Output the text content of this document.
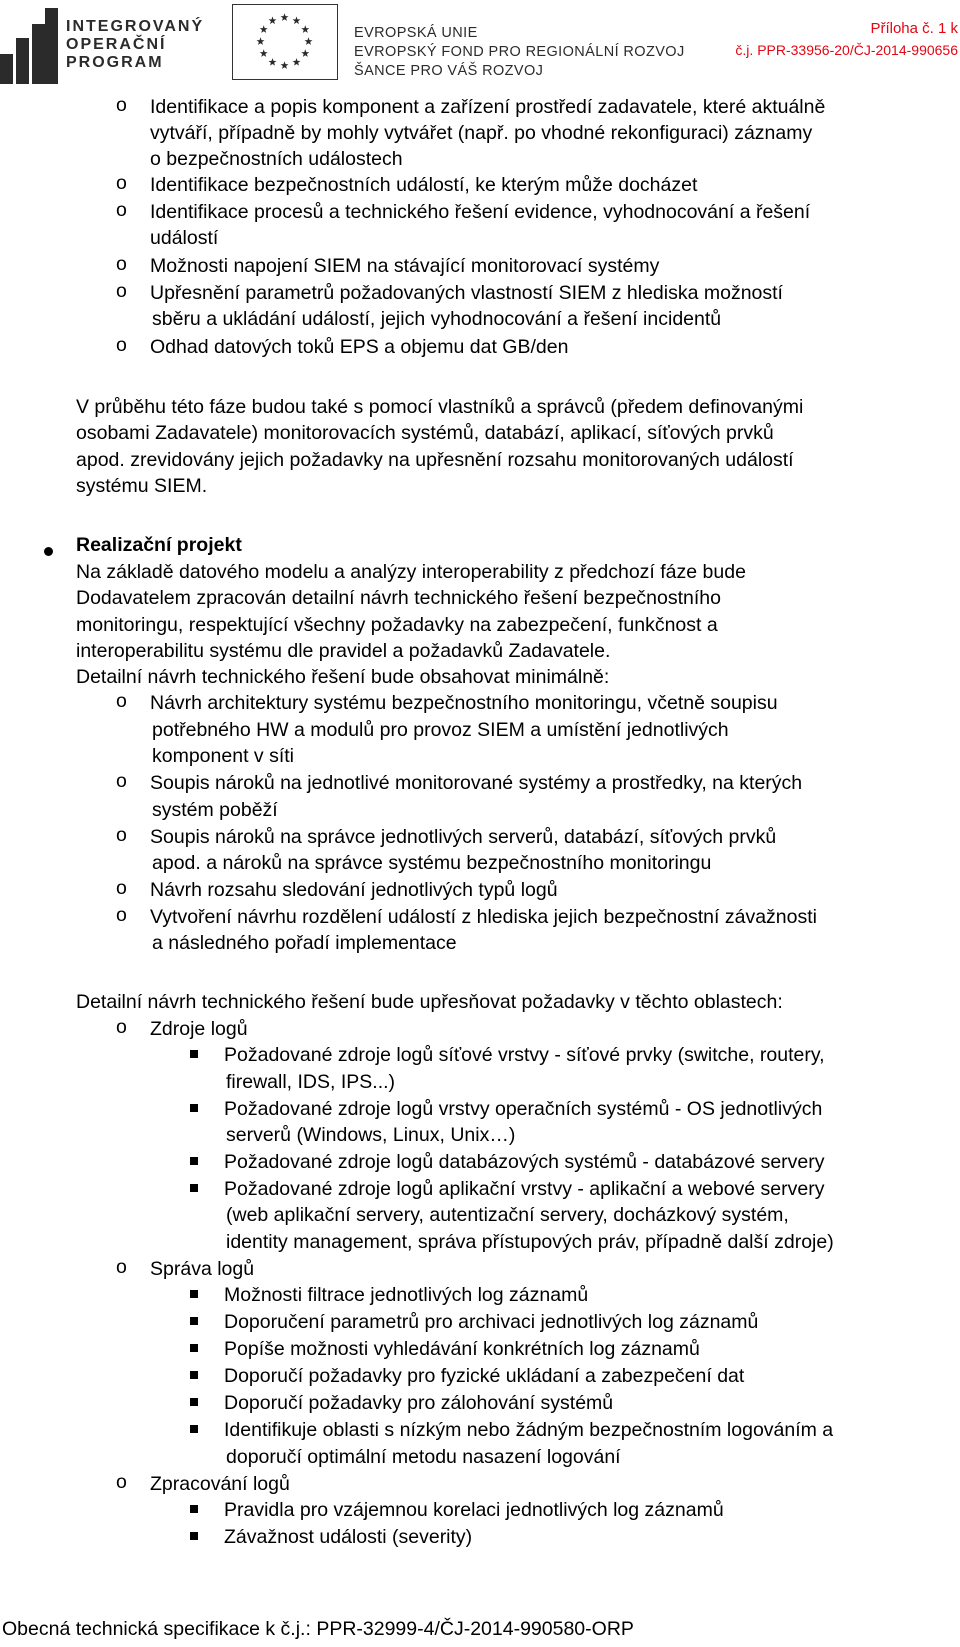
INTEGROVANÝ
OPERAČNÍ
PROGRAM
EVROPSKÁ UNIE
EVROPSKÝ FOND PRO REGIONÁLNÍ ROZVOJ
ŠANCE PRO VÁŠ ROZVOJ
Příloha č. 1 k
č.j. PPR-33956-20/ČJ-2014-990656
o Identifikace a popis komponent a zařízení prostředí zadavatele, které aktuálně
vytváří, případně by mohly vytvářet (např. po vhodné rekonfiguraci) záznamy
o bezpečnostních událostech
o Identifikace bezpečnostních událostí, ke kterým může docházet
o Identifikace procesů a technického řešení evidence, vyhodnocování a řešení
událostí
o Možnosti napojení SIEM na stávající monitorovací systémy
o Upřesnění parametrů požadovaných vlastností SIEM z hlediska možností
sběru a ukládání událostí, jejich vyhodnocování a řešení incidentů
o Odhad datových toků EPS a objemu dat GB/den
V průběhu této fáze budou také s pomocí vlastníků a správců (předem definovanými
osobami Zadavatele) monitorovacích systémů, databází, aplikací, síťových prvků
apod. zrevidovány jejich požadavky na upřesnění rozsahu monitorovaných událostí
systému SIEM.
Realizační projekt
Na základě datového modelu a analýzy interoperability z předchozí fáze bude
Dodavatelem zpracován detailní návrh technického řešení bezpečnostního
monitoringu, respektující všechny požadavky na zabezpečení, funkčnost a
interoperabilitu systému dle pravidel a požadavků Zadavatele.
Detailní návrh technického řešení bude obsahovat minimálně:
o Návrh architektury systému bezpečnostního monitoringu, včetně soupisu
potřebného HW a modulů pro provoz SIEM a umístění jednotlivých
komponent v síti
o Soupis nároků na jednotlivé monitorované systémy a prostředky, na kterých
systém poběží
o Soupis nároků na správce jednotlivých serverů, databází, síťových prvků
apod. a nároků na správce systému bezpečnostního monitoringu
o Návrh rozsahu sledování jednotlivých typů logů
o Vytvoření návrhu rozdělení událostí z hlediska jejich bezpečnostní závažnosti
a následného pořadí implementace
Detailní návrh technického řešení bude upřesňovat požadavky v těchto oblastech:
o Zdroje logů
Požadované zdroje logů síťové vrstvy - síťové prvky (switche, routery,
firewall, IDS, IPS...)
Požadované zdroje logů vrstvy operačních systémů - OS jednotlivých
serverů (Windows, Linux, Unix…)
Požadované zdroje logů databázových systémů - databázové servery
Požadované zdroje logů aplikační vrstvy - aplikační a webové servery
(web aplikační servery, autentizační servery, docházkový systém,
identity management, správa přístupových práv, případně další zdroje)
o Správa logů
Možnosti filtrace jednotlivých log záznamů
Doporučení parametrů pro archivaci jednotlivých log záznamů
Popíše možnosti vyhledávání konkrétních log záznamů
Doporučí požadavky pro fyzické ukládaní a zabezpečení dat
Doporučí požadavky pro zálohování systémů
Identifikuje oblasti s nízkým nebo žádným bezpečnostním logováním a
doporučí optimální metodu nasazení logování
o Zpracování logů
Pravidla pro vzájemnou korelaci jednotlivých log záznamů
Závažnost události (severity)
Obecná technická specifikace k č.j.: PPR-32999-4/ČJ-2014-990580-ORP
